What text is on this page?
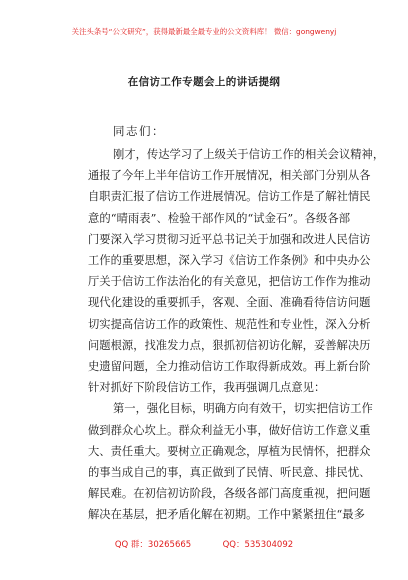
关注头条号“公文研究”，获得最新最全最专业的公文资料库！ 微信：gongwenyj
在信访工作专题会上的讲话提纲
同志们：
刚才，传达学习了上级关于信访工作的相关会议精神，
通报了今年上半年信访工作开展情况，相关部门分别从各
自职责汇报了信访工作进展情况。信访工作是了解社情民
意的“晴雨表”、检验干部作风的“试金石”。各级各部
门要深入学习贯彻习近平总书记关于加强和改进人民信访
工作的重要思想，深入学习《信访工作条例》和中央办公
厅关于信访工作法治化的有关意见，把信访工作作为推动
现代化建设的重要抓手，客观、全面、准确看待信访问题
切实提高信访工作的政策性、规范性和专业性，深入分析
问题根源，找准发力点，狠抓初信初访化解，妥善解决历
史遗留问题，全力推动信访工作取得新成效。再上新台阶
针对抓好下阶段信访工作，我再强调几点意见：
第一，强化目标，明确方向有效干，切实把信访工作
做到群众心坎上。群众利益无小事，做好信访工作意义重
大、责任重大。要树立正确观念，厚植为民情怀，把群众
的事当成自己的事，真正做到了民情、听民意、排民忧、
解民难。在初信初访阶段，各级各部门高度重视，把问题
解决在基层，把矛盾化解在初期。工作中紧紧扭住“最多
QQ 群：30265665	QQ：535304092
